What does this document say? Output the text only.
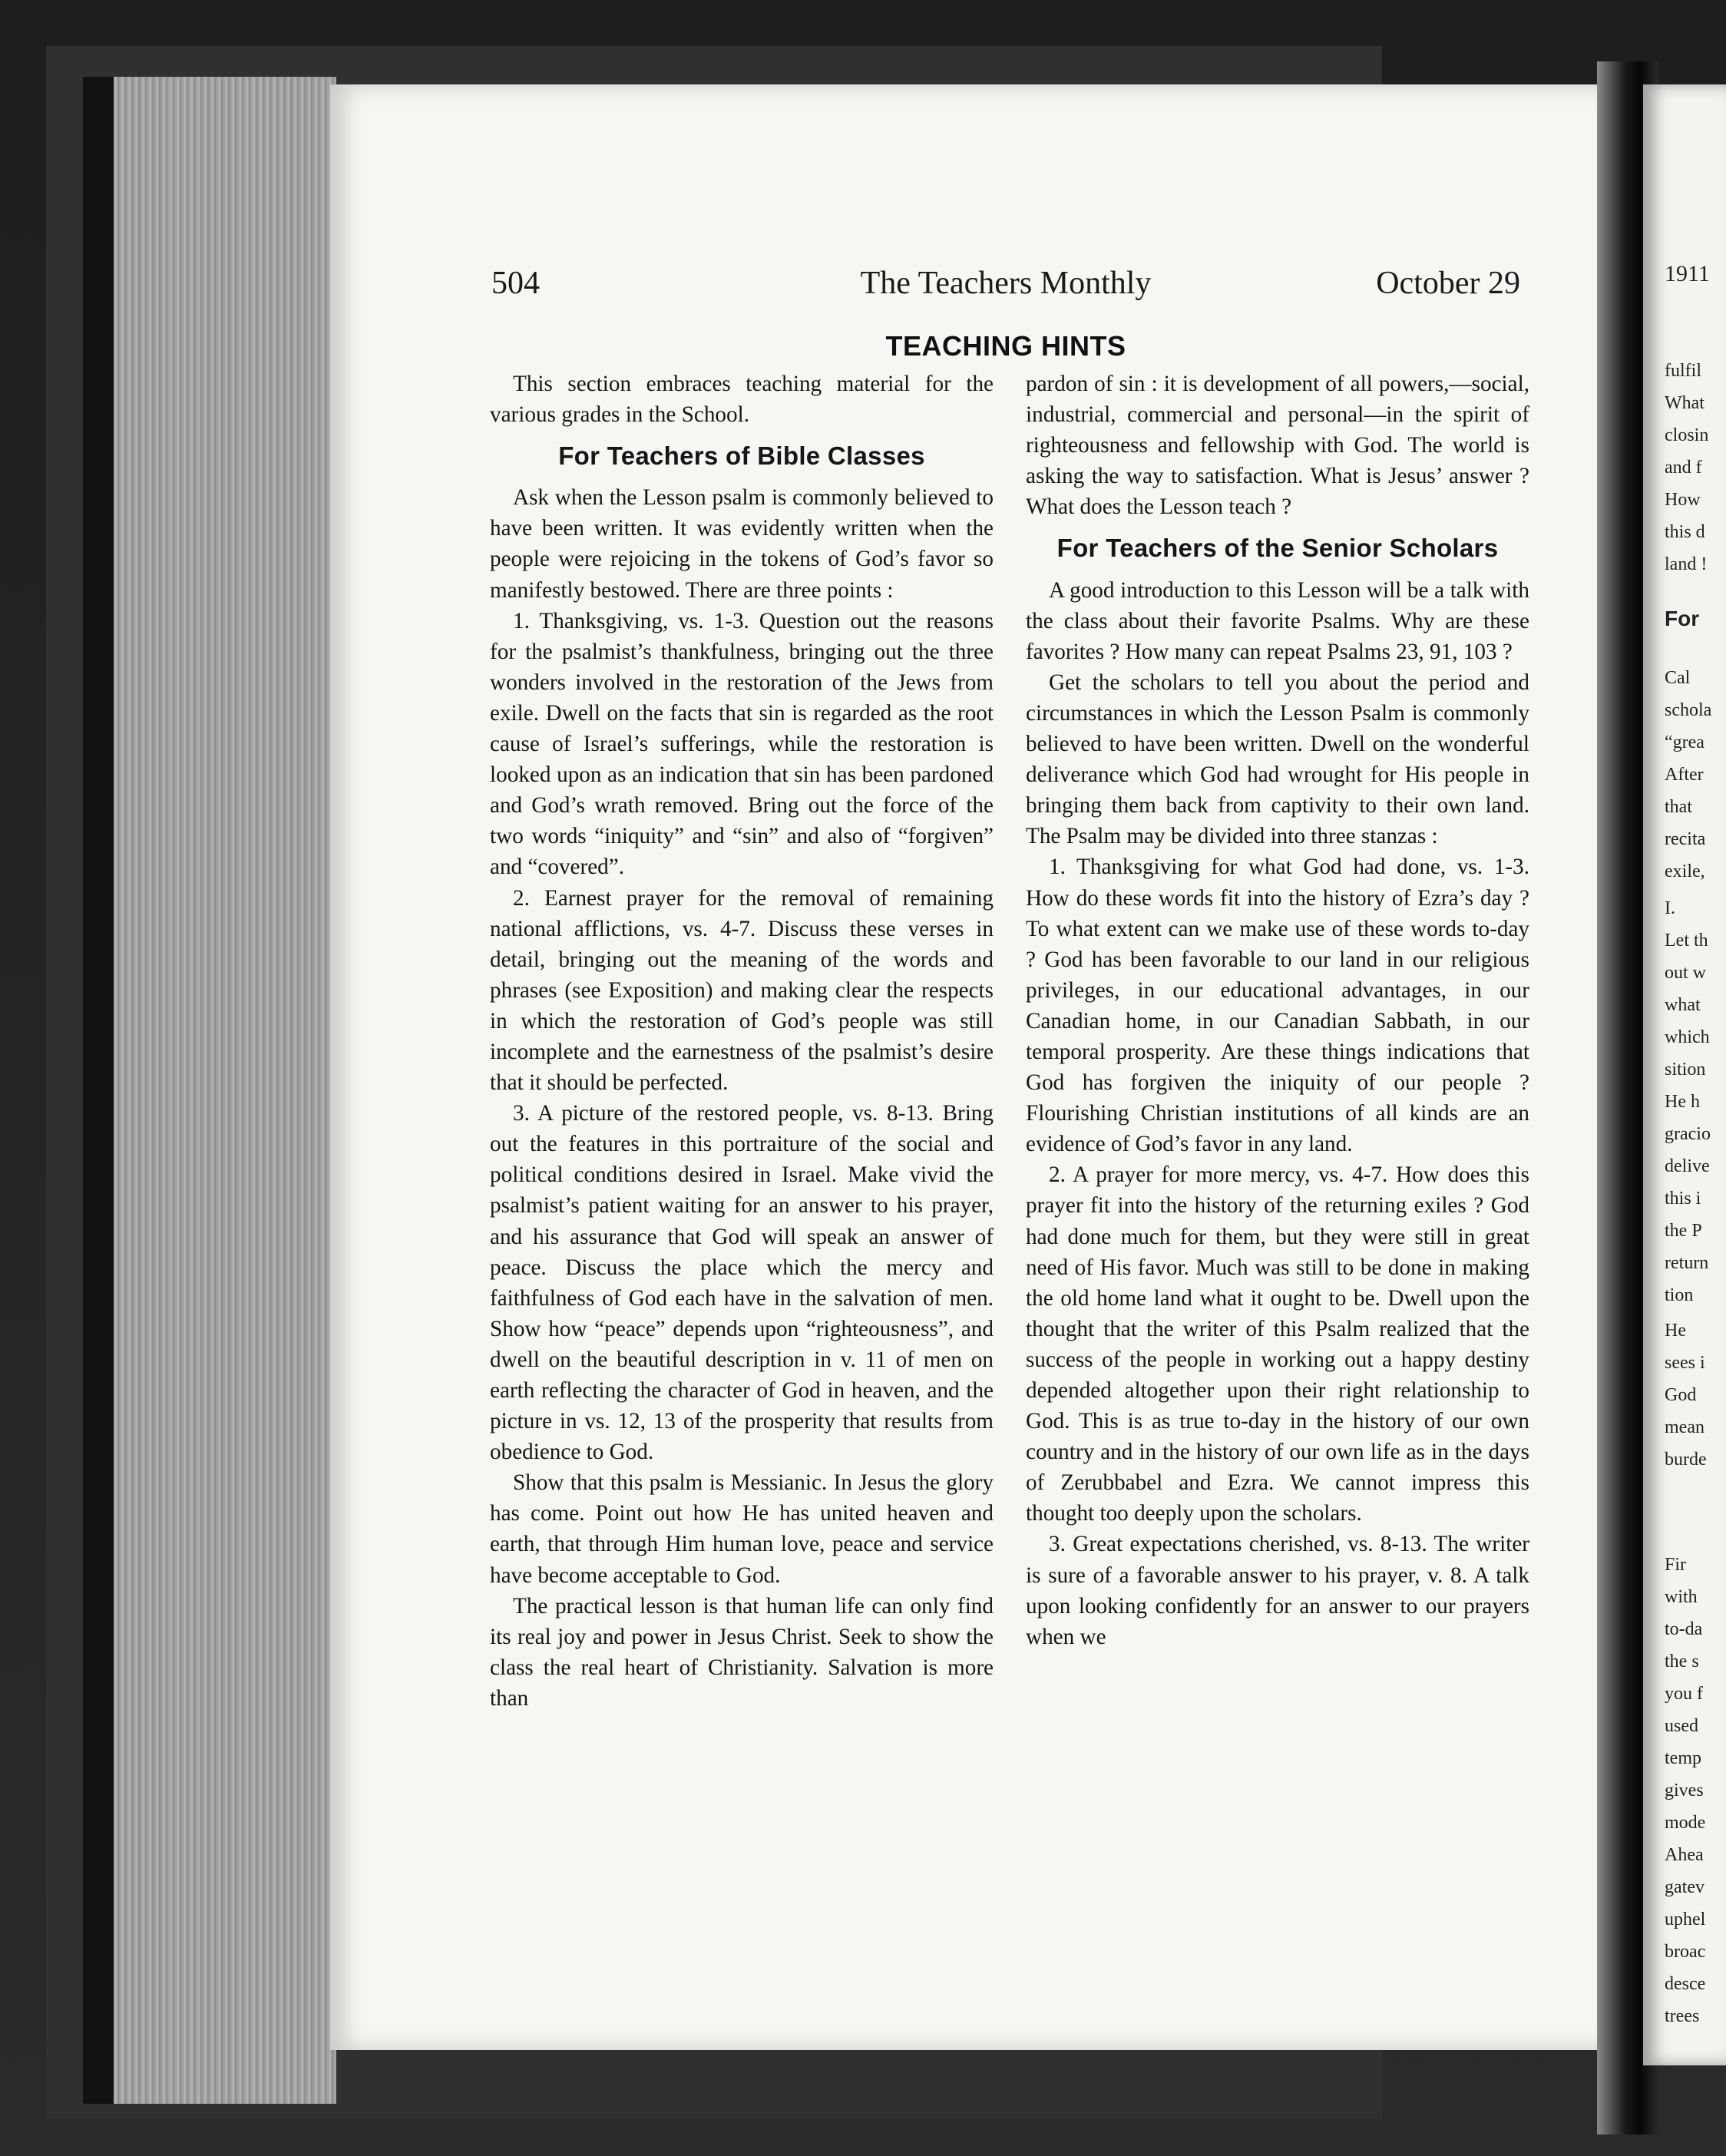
504	The Teachers Monthly	October 29
TEACHING HINTS

This section embraces teaching material for the various grades in the School.

For Teachers of Bible Classes

Ask when the Lesson psalm is commonly believed to have been written. It was evidently written when the people were rejoicing in the tokens of God’s favor so manifestly bestowed. There are three points :

1. Thanksgiving, vs. 1-3. Question out the reasons for the psalmist’s thankfulness, bringing out the three wonders involved in the restoration of the Jews from exile. Dwell on the facts that sin is regarded as the root cause of Israel’s sufferings, while the restoration is looked upon as an indication that sin has been pardoned and God’s wrath removed. Bring out the force of the two words “iniquity” and “sin” and also of “forgiven” and “covered”.

2. Earnest prayer for the removal of remaining national afflictions, vs. 4-7. Discuss these verses in detail, bringing out the meaning of the words and phrases (see Exposition) and making clear the respects in which the restoration of God’s people was still incomplete and the earnestness of the psalmist’s desire that it should be perfected.

3. A picture of the restored people, vs. 8-13. Bring out the features in this portraiture of the social and political conditions desired in Israel. Make vivid the psalmist’s patient waiting for an answer to his prayer, and his assurance that God will speak an answer of peace. Discuss the place which the mercy and faithfulness of God each have in the salvation of men. Show how “peace” depends upon “righteousness”, and dwell on the beautiful description in v. 11 of men on earth reflecting the character of God in heaven, and the picture in vs. 12, 13 of the prosperity that results from obedience to God.

Show that this psalm is Messianic. In Jesus the glory has come. Point out how He has united heaven and earth, that through Him human love, peace and service have become acceptable to God.

The practical lesson is that human life can only find its real joy and power in Jesus Christ. Seek to show the class the real heart of Christianity. Salvation is more than

pardon of sin : it is development of all powers,—social, industrial, commercial and personal—in the spirit of righteousness and fellowship with God. The world is asking the way to satisfaction. What is Jesus’ answer ? What does the Lesson teach ?

For Teachers of the Senior Scholars

A good introduction to this Lesson will be a talk with the class about their favorite Psalms. Why are these favorites ? How many can repeat Psalms 23, 91, 103 ?

Get the scholars to tell you about the period and circumstances in which the Lesson Psalm is commonly believed to have been written. Dwell on the wonderful deliverance which God had wrought for His people in bringing them back from captivity to their own land. The Psalm may be divided into three stanzas :

1. Thanksgiving for what God had done, vs. 1-3. How do these words fit into the history of Ezra’s day ? To what extent can we make use of these words to-day ? God has been favorable to our land in our religious privileges, in our educational advantages, in our Canadian home, in our Canadian Sabbath, in our temporal prosperity. Are these things indications that God has forgiven the iniquity of our people ? Flourishing Christian institutions of all kinds are an evidence of God’s favor in any land.

2. A prayer for more mercy, vs. 4-7. How does this prayer fit into the history of the returning exiles ? God had done much for them, but they were still in great need of His favor. Much was still to be done in making the old home land what it ought to be. Dwell upon the thought that the writer of this Psalm realized that the success of the people in working out a happy destiny depended altogether upon their right relationship to God. This is as true to-day in the history of our own country and in the history of our own life as in the days of Zerubbabel and Ezra. We cannot impress this thought too deeply upon the scholars.

3. Great expectations cherished, vs. 8-13. The writer is sure of a favorable answer to his prayer, v. 8. A talk upon looking confidently for an answer to our prayers when we

1911
fulfil
What
closin
and f
How
this d
land !
For
Cal
schola
“grea
After
that
recita
exile,
I.
Let th
out w
what
which
sition
He h
gracio
delive
this i
the P
return
tion
He
sees i
God
mean
burde
Fir
with
to-da
the s
you f
used
temp
gives
mode
Ahea
gatev
uphel
broac
desce
trees
